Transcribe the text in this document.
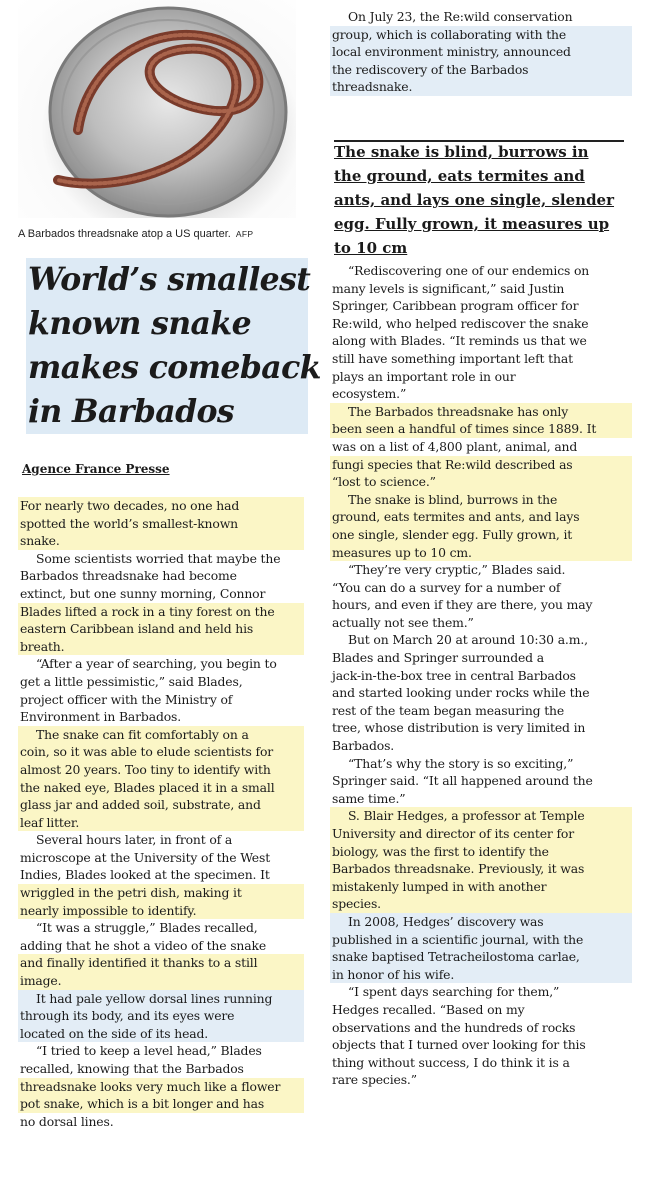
A Barbados threadsnake atop a US quarter. AFP
World’s smallest
known snake
makes comeback
in Barbados
Agence France Presse
For nearly two decades, no one had
spotted the world’s smallest-known
snake.
Some scientists worried that maybe the
Barbados threadsnake had become
extinct, but one sunny morning, Connor
Blades lifted a rock in a tiny forest on the
eastern Caribbean island and held his
breath.
“After a year of searching, you begin to
get a little pessimistic,” said Blades,
project officer with the Ministry of
Environment in Barbados.
The snake can fit comfortably on a
coin, so it was able to elude scientists for
almost 20 years. Too tiny to identify with
the naked eye, Blades placed it in a small
glass jar and added soil, substrate, and
leaf litter.
Several hours later, in front of a
microscope at the University of the West
Indies, Blades looked at the specimen. It
wriggled in the petri dish, making it
nearly impossible to identify.
“It was a struggle,” Blades recalled,
adding that he shot a video of the snake
and finally identified it thanks to a still
image.
It had pale yellow dorsal lines running
through its body, and its eyes were
located on the side of its head.
“I tried to keep a level head,” Blades
recalled, knowing that the Barbados
threadsnake looks very much like a flower
pot snake, which is a bit longer and has
no dorsal lines.
On July 23, the Re:wild conservation
group, which is collaborating with the
local environment ministry, announced
the rediscovery of the Barbados
threadsnake.
The snake is blind, burrows in
the ground, eats termites and
ants, and lays one single, slender
egg. Fully grown, it measures up
to 10 cm
“Rediscovering one of our endemics on
many levels is significant,” said Justin
Springer, Caribbean program officer for
Re:wild, who helped rediscover the snake
along with Blades. “It reminds us that we
still have something important left that
plays an important role in our
ecosystem.”
The Barbados threadsnake has only
been seen a handful of times since 1889. It
was on a list of 4,800 plant, animal, and
fungi species that Re:wild described as
“lost to science.”
The snake is blind, burrows in the
ground, eats termites and ants, and lays
one single, slender egg. Fully grown, it
measures up to 10 cm.
“They’re very cryptic,” Blades said.
“You can do a survey for a number of
hours, and even if they are there, you may
actually not see them.”
But on March 20 at around 10:30 a.m.,
Blades and Springer surrounded a
jack-in-the-box tree in central Barbados
and started looking under rocks while the
rest of the team began measuring the
tree, whose distribution is very limited in
Barbados.
“That’s why the story is so exciting,”
Springer said. “It all happened around the
same time.”
S. Blair Hedges, a professor at Temple
University and director of its center for
biology, was the first to identify the
Barbados threadsnake. Previously, it was
mistakenly lumped in with another
species.
In 2008, Hedges’ discovery was
published in a scientific journal, with the
snake baptised Tetracheilostoma carlae,
in honor of his wife.
“I spent days searching for them,”
Hedges recalled. “Based on my
observations and the hundreds of rocks
objects that I turned over looking for this
thing without success, I do think it is a
rare species.”
